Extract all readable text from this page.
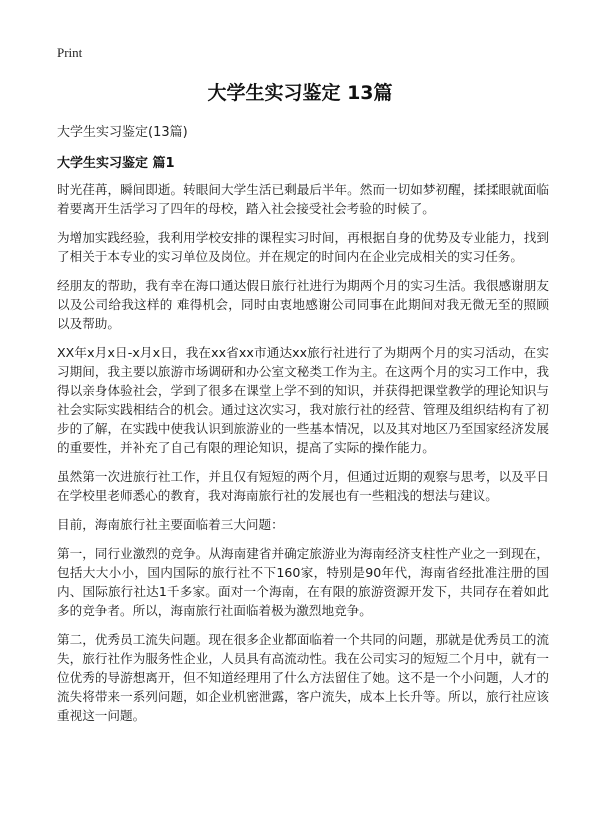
Print
大学生实习鉴定 13篇
大学生实习鉴定(13篇)
大学生实习鉴定 篇1

时光荏苒，瞬间即逝。转眼间大学生活已剩最后半年。然而一切如梦初醒，揉揉眼就面临着要离开生活学习了四年的母校，踏入社会接受社会考验的时候了。

为增加实践经验，我利用学校安排的课程实习时间，再根据自身的优势及专业能力，找到了相关于本专业的实习单位及岗位。并在规定的时间内在企业完成相关的实习任务。

经朋友的帮助，我有幸在海口通达假日旅行社进行为期两个月的实习生活。我很感谢朋友以及公司给我这样的 难得机会，同时由衷地感谢公司同事在此期间对我无微无至的照顾以及帮助。

XX年x月x日-x月x日，我在xx省xx市通达xx旅行社进行了为期两个月的实习活动，在实习期间，我主要以旅游市场调研和办公室文秘类工作为主。在这两个月的实习工作中，我得以亲身体验社会，学到了很多在课堂上学不到的知识，并获得把课堂教学的理论知识与社会实际实践相结合的机会。通过这次实习，我对旅行社的经营、管理及组织结构有了初步的了解，在实践中使我认识到旅游业的一些基本情况，以及其对地区乃至国家经济发展的重要性，并补充了自己有限的理论知识，提高了实际的操作能力。

虽然第一次进旅行社工作，并且仅有短短的两个月，但通过近期的观察与思考，以及平日在学校里老师悉心的教育，我对海南旅行社的发展也有一些粗浅的想法与建议。

目前，海南旅行社主要面临着三大问题：

第一，同行业激烈的竞争。从海南建省并确定旅游业为海南经济支柱性产业之一到现在，包括大大小小，国内国际的旅行社不下160家，特别是90年代，海南省经批准注册的国内、国际旅行社达1千多家。面对一个海南，在有限的旅游资源开发下，共同存在着如此多的竞争者。所以，海南旅行社面临着极为激烈地竞争。

第二，优秀员工流失问题。现在很多企业都面临着一个共同的问题，那就是优秀员工的流失，旅行社作为服务性企业，人员具有高流动性。我在公司实习的短短二个月中，就有一位优秀的导游想离开，但不知道经理用了什么方法留住了她。这不是一个小问题，人才的流失将带来一系列问题，如企业机密泄露，客户流失，成本上长升等。所以，旅行社应该重视这一问题。
